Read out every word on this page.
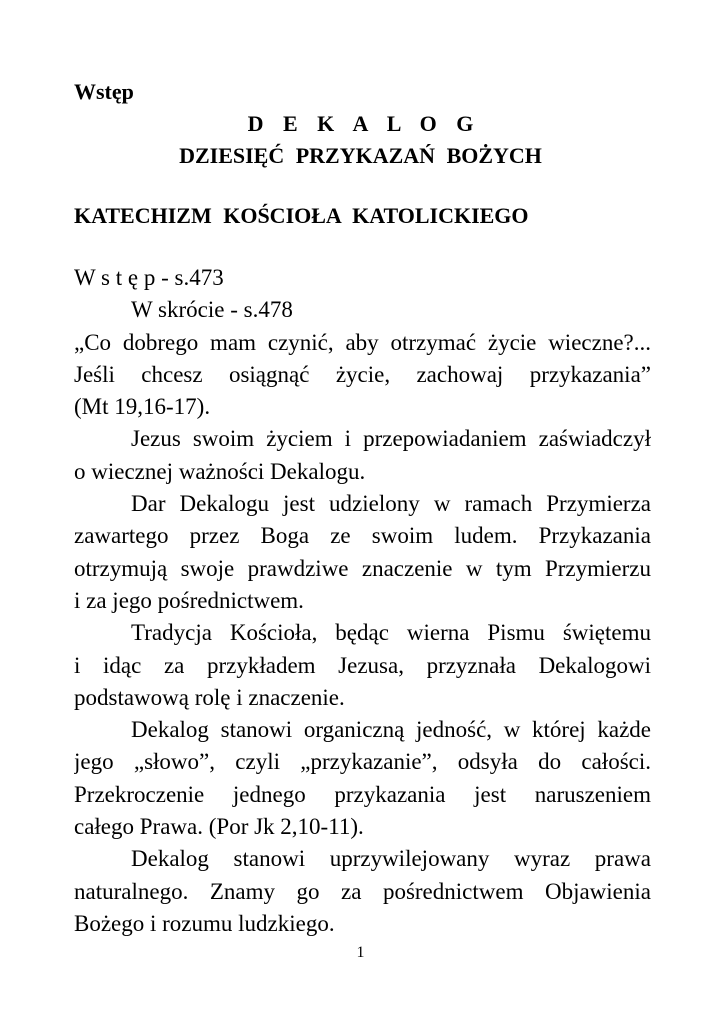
Wstęp
D E K A L O G
DZIESIĘĆ PRZYKAZAŃ BOŻYCH
KATECHIZM KOŚCIOŁA KATOLICKIEGO
W s t ę p - s.473
W skrócie - s.478
„Co dobrego mam czynić, aby otrzymać życie wieczne?...
Jeśli chcesz osiągnąć życie, zachowaj przykazania”
(Mt 19,16-17).
Jezus swoim życiem i przepowiadaniem zaświadczył
o wiecznej ważności Dekalogu.
Dar Dekalogu jest udzielony w ramach Przymierza
zawartego przez Boga ze swoim ludem. Przykazania
otrzymują swoje prawdziwe znaczenie w tym Przymierzu
i za jego pośrednictwem.
Tradycja Kościoła, będąc wierna Pismu świętemu
i idąc za przykładem Jezusa, przyznała Dekalogowi
podstawową rolę i znaczenie.
Dekalog stanowi organiczną jedność, w której każde
jego „słowo”, czyli „przykazanie”, odsyła do całości.
Przekroczenie jednego przykazania jest naruszeniem
całego Prawa. (Por Jk 2,10-11).
Dekalog stanowi uprzywilejowany wyraz prawa
naturalnego. Znamy go za pośrednictwem Objawienia
Bożego i rozumu ludzkiego.
1
